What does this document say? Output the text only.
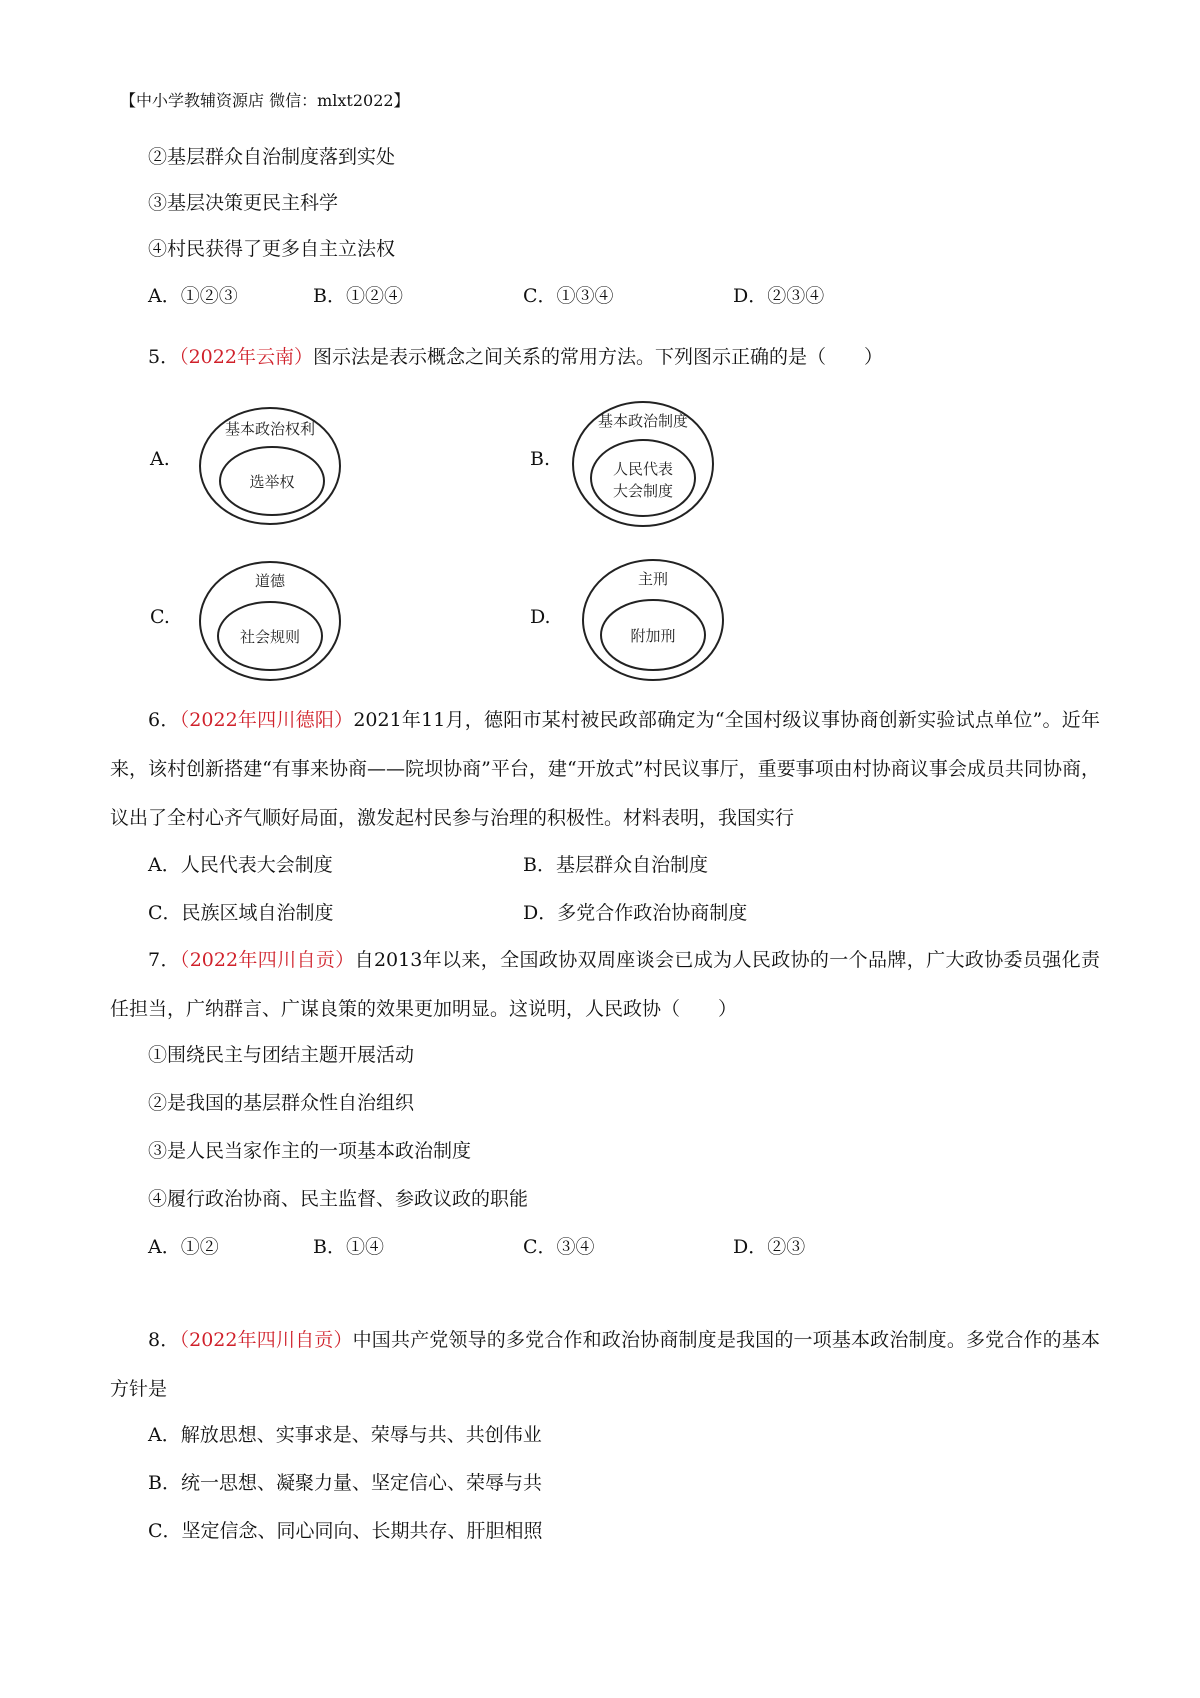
【中小学教辅资源店 微信：mlxt2022】
②基层群众自治制度落到实处
③基层决策更民主科学
④村民获得了更多自主立法权
A．①②③	B．①②④	C．①③④	D．②③④
5．（2022年云南）图示法是表示概念之间关系的常用方法。下列图示正确的是（　　）
A.
基本政治权利
选举权
B.
基本政治制度
人民代表
大会制度
C.
道德
社会规则
D.
主刑
附加刑
6．（2022年四川德阳）2021年11月，德阳市某村被民政部确定为“全国村级议事协商创新实验试点单位”。近年来，该村创新搭建“有事来协商——院坝协商”平台，建“开放式”村民议事厅，重要事项由村协商议事会成员共同协商，议出了全村心齐气顺好局面，激发起村民参与治理的积极性。材料表明，我国实行
A．人民代表大会制度	B．基层群众自治制度
C．民族区域自治制度	D．多党合作政治协商制度
7．（2022年四川自贡）自2013年以来，全国政协双周座谈会已成为人民政协的一个品牌，广大政协委员强化责任担当，广纳群言、广谋良策的效果更加明显。这说明，人民政协（　　）
①围绕民主与团结主题开展活动
②是我国的基层群众性自治组织
③是人民当家作主的一项基本政治制度
④履行政治协商、民主监督、参政议政的职能
A．①②	B．①④	C．③④	D．②③
8．（2022年四川自贡）中国共产党领导的多党合作和政治协商制度是我国的一项基本政治制度。多党合作的基本方针是
A．解放思想、实事求是、荣辱与共、共创伟业
B．统一思想、凝聚力量、坚定信心、荣辱与共
C．坚定信念、同心同向、长期共存、肝胆相照
